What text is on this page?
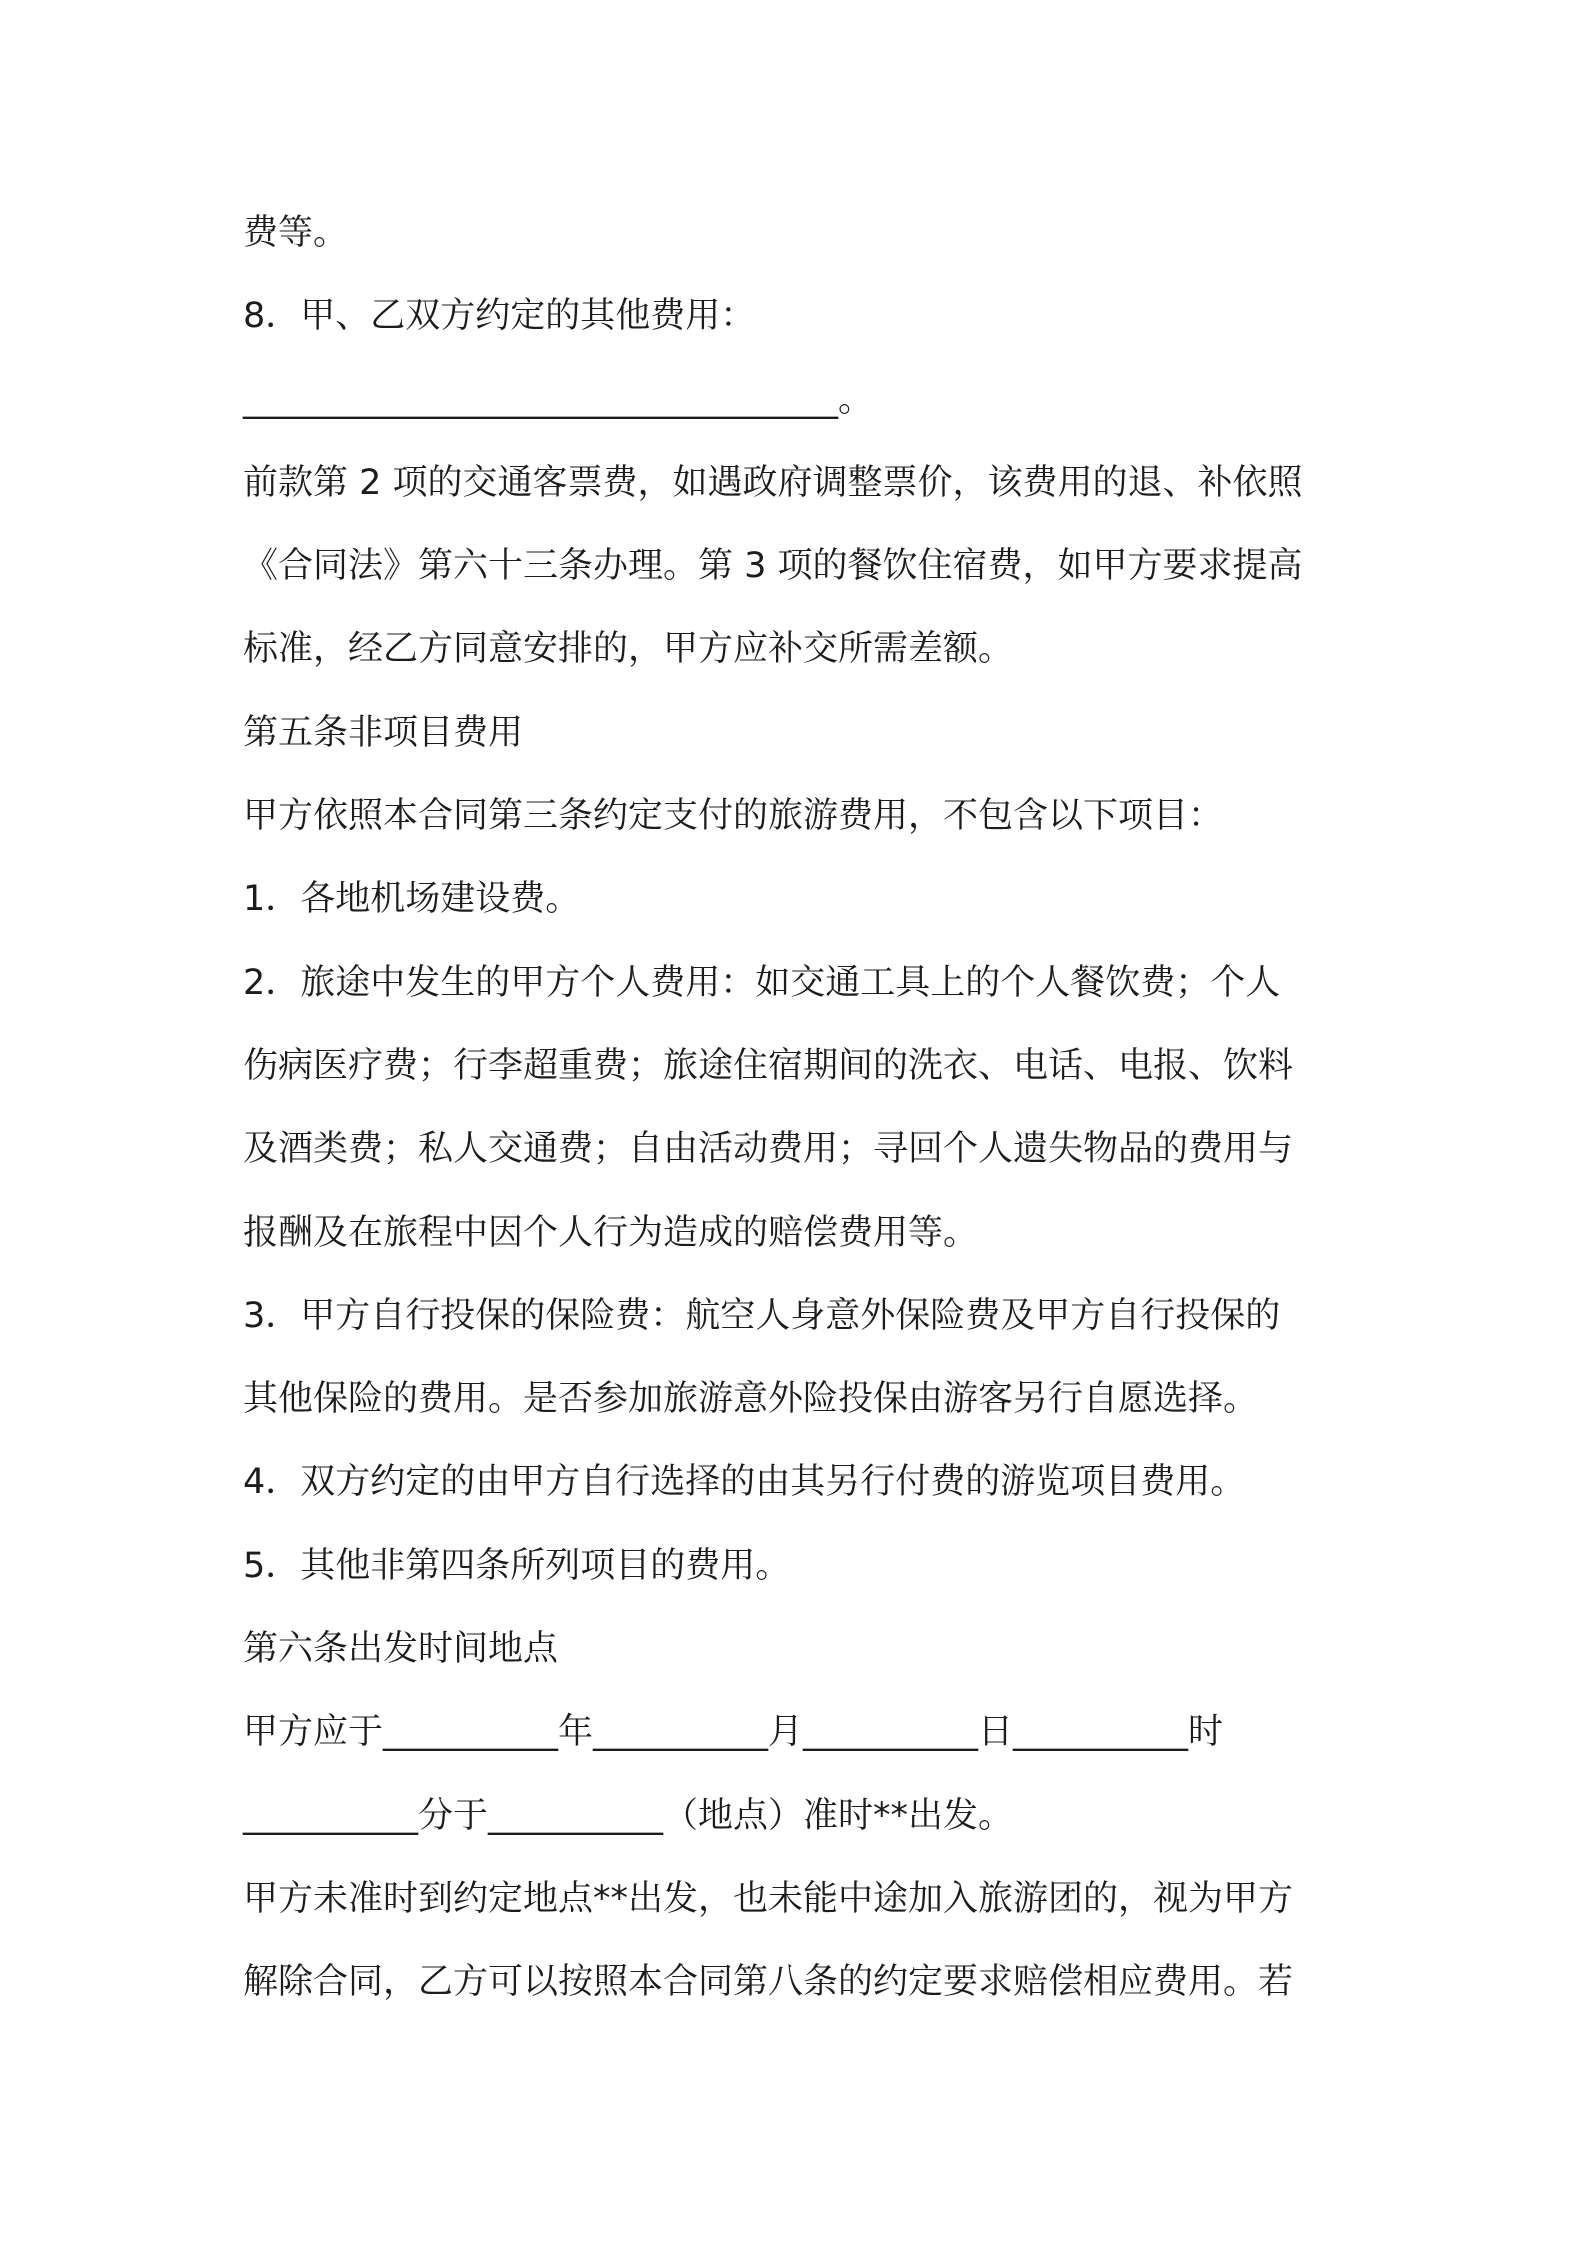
费等。
8．甲、乙双方约定的其他费用：
__________________________________。
前款第 2 项的交通客票费，如遇政府调整票价，该费用的退、补依照
《合同法》第六十三条办理。第 3 项的餐饮住宿费，如甲方要求提高
标准，经乙方同意安排的，甲方应补交所需差额。
第五条非项目费用
甲方依照本合同第三条约定支付的旅游费用，不包含以下项目：
1．各地机场建设费。
2．旅途中发生的甲方个人费用：如交通工具上的个人餐饮费；个人
伤病医疗费；行李超重费；旅途住宿期间的洗衣、电话、电报、饮料
及酒类费；私人交通费；自由活动费用；寻回个人遗失物品的费用与
报酬及在旅程中因个人行为造成的赔偿费用等。
3．甲方自行投保的保险费：航空人身意外保险费及甲方自行投保的
其他保险的费用。是否参加旅游意外险投保由游客另行自愿选择。
4．双方约定的由甲方自行选择的由其另行付费的游览项目费用。
5．其他非第四条所列项目的费用。
第六条出发时间地点
甲方应于__________年__________月__________日__________时
__________分于__________（地点）准时**出发。
甲方未准时到约定地点**出发，也未能中途加入旅游团的，视为甲方
解除合同，乙方可以按照本合同第八条的约定要求赔偿相应费用。若
